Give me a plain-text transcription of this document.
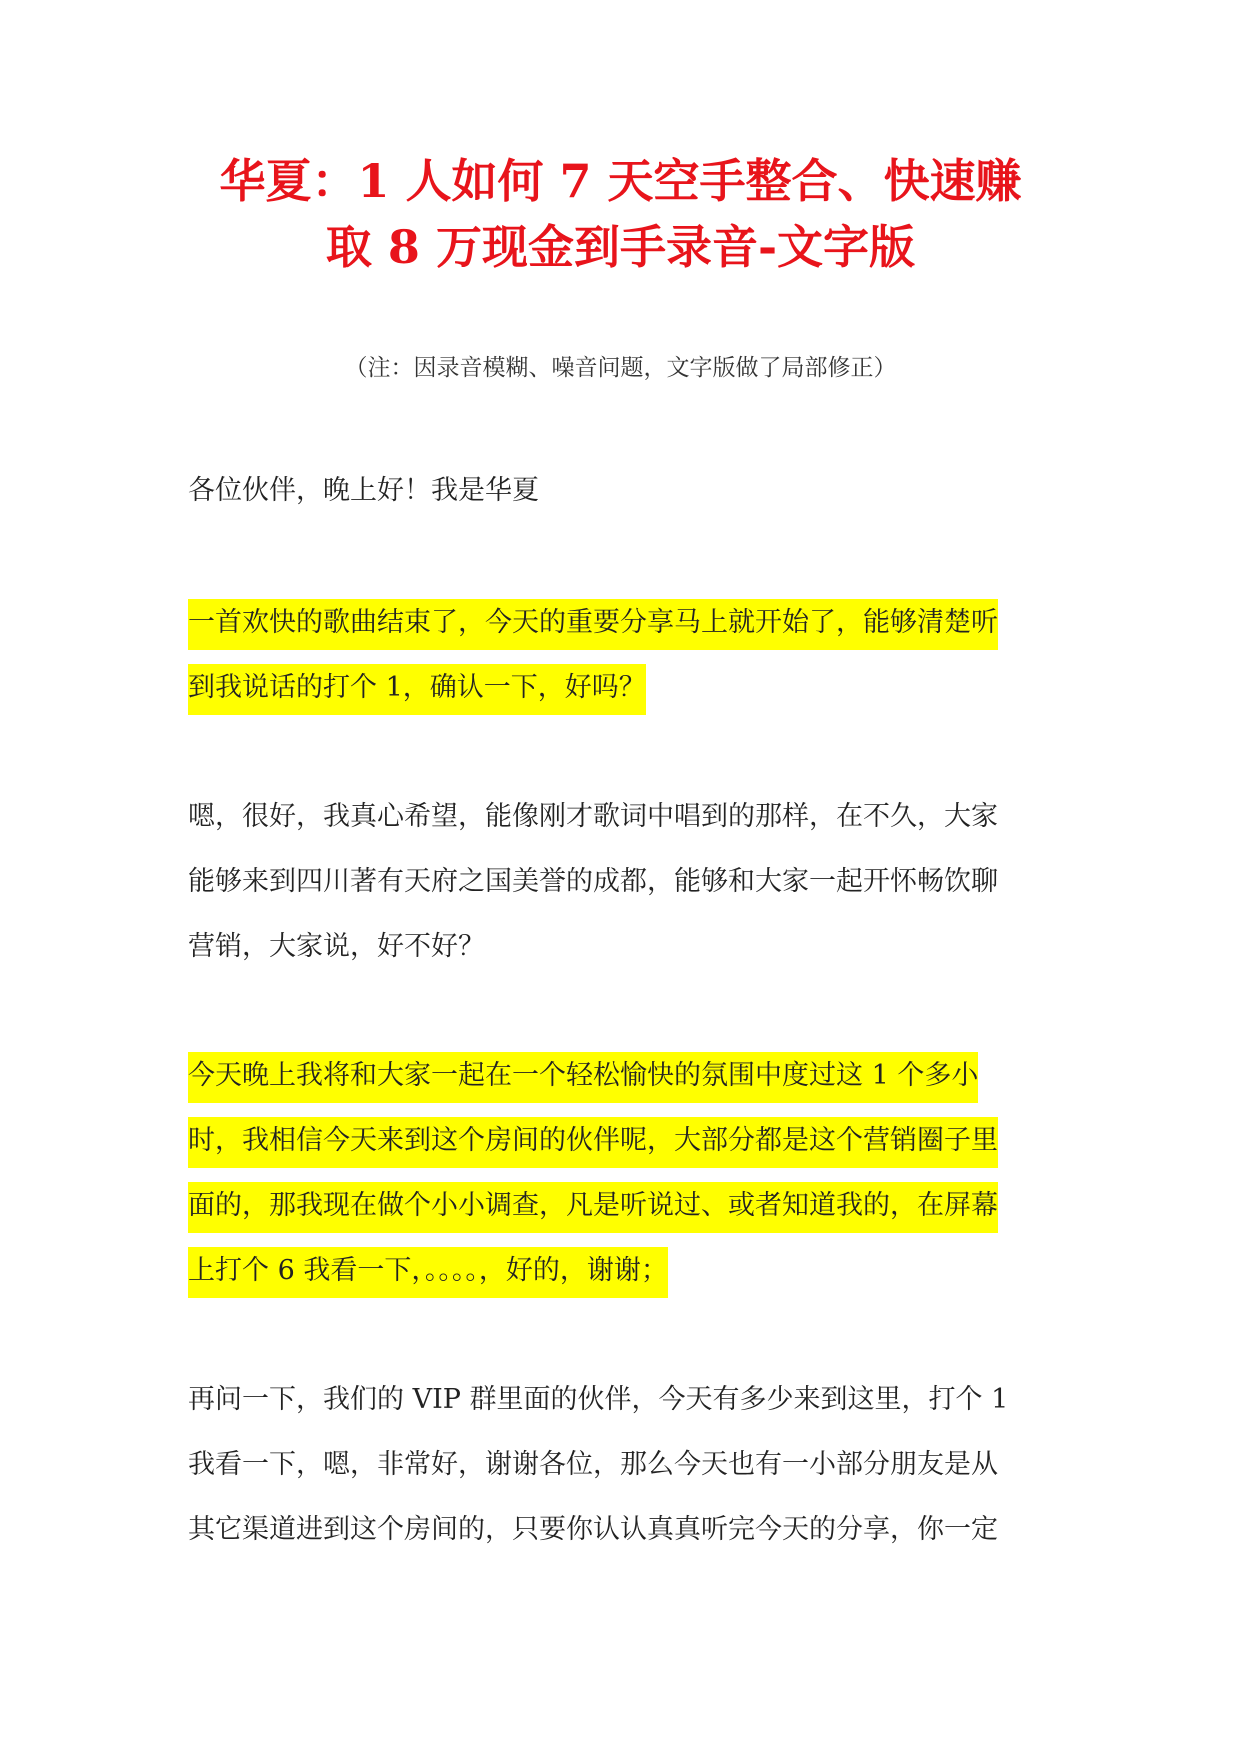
华夏：1 人如何 7 天空手整合、快速赚
取 8 万现金到手录音-文字版

（注：因录音模糊、噪音问题，文字版做了局部修正）

各位伙伴，晚上好！我是华夏
一首欢快的歌曲结束了，今天的重要分享马上就开始了，能够清楚听
到我说话的打个 1，确认一下，好吗？
嗯，很好，我真心希望，能像刚才歌词中唱到的那样，在不久，大家
能够来到四川著有天府之国美誉的成都，能够和大家一起开怀畅饮聊
营销，大家说，好不好？
今天晚上我将和大家一起在一个轻松愉快的氛围中度过这 1 个多小
时，我相信今天来到这个房间的伙伴呢，大部分都是这个营销圈子里
面的，那我现在做个小小调查，凡是听说过、或者知道我的，在屏幕
上打个 6 我看一下，。。。。，好的，谢谢；
再问一下，我们的 VIP 群里面的伙伴，今天有多少来到这里，打个 1
我看一下，嗯，非常好，谢谢各位，那么今天也有一小部分朋友是从
其它渠道进到这个房间的，只要你认认真真听完今天的分享，你一定
